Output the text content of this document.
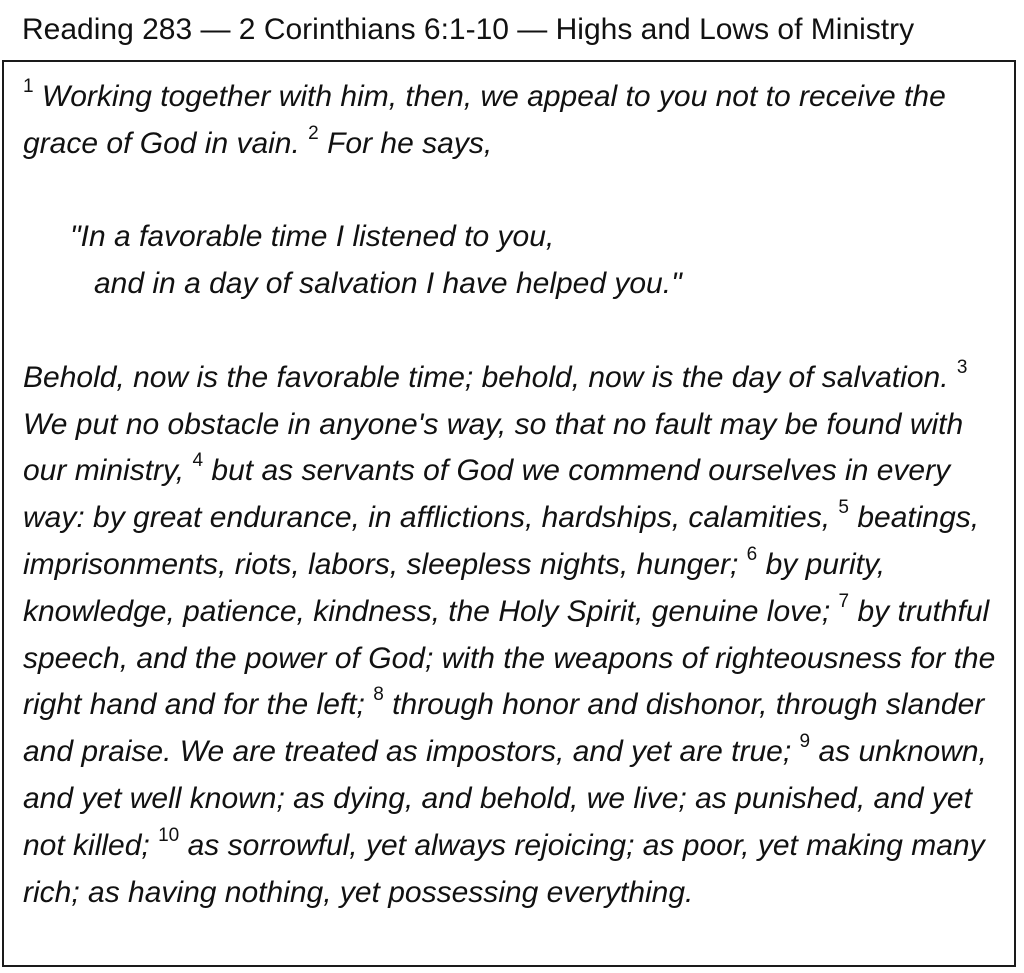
Reading 283 — 2 Corinthians 6:1-10 — Highs and Lows of Ministry

$^1$ Working together with him, then, we appeal to you not to receive the grace of God in vain. $^2$ For he says,

"In a favorable time I listened to you,
and in a day of salvation I have helped you."

Behold, now is the favorable time; behold, now is the day of salvation. $^3$ We put no obstacle in anyone's way, so that no fault may be found with our ministry, $^4$ but as servants of God we commend ourselves in every way: by great endurance, in afflictions, hardships, calamities, $^5$ beatings, imprisonments, riots, labors, sleepless nights, hunger; $^6$ by purity, knowledge, patience, kindness, the Holy Spirit, genuine love; $^7$ by truthful speech, and the power of God; with the weapons of righteousness for the right hand and for the left; $^8$ through honor and dishonor, through slander and praise. We are treated as impostors, and yet are true; $^9$ as unknown, and yet well known; as dying, and behold, we live; as punished, and yet not killed; $^{10}$ as sorrowful, yet always rejoicing; as poor, yet making many rich; as having nothing, yet possessing everything.
